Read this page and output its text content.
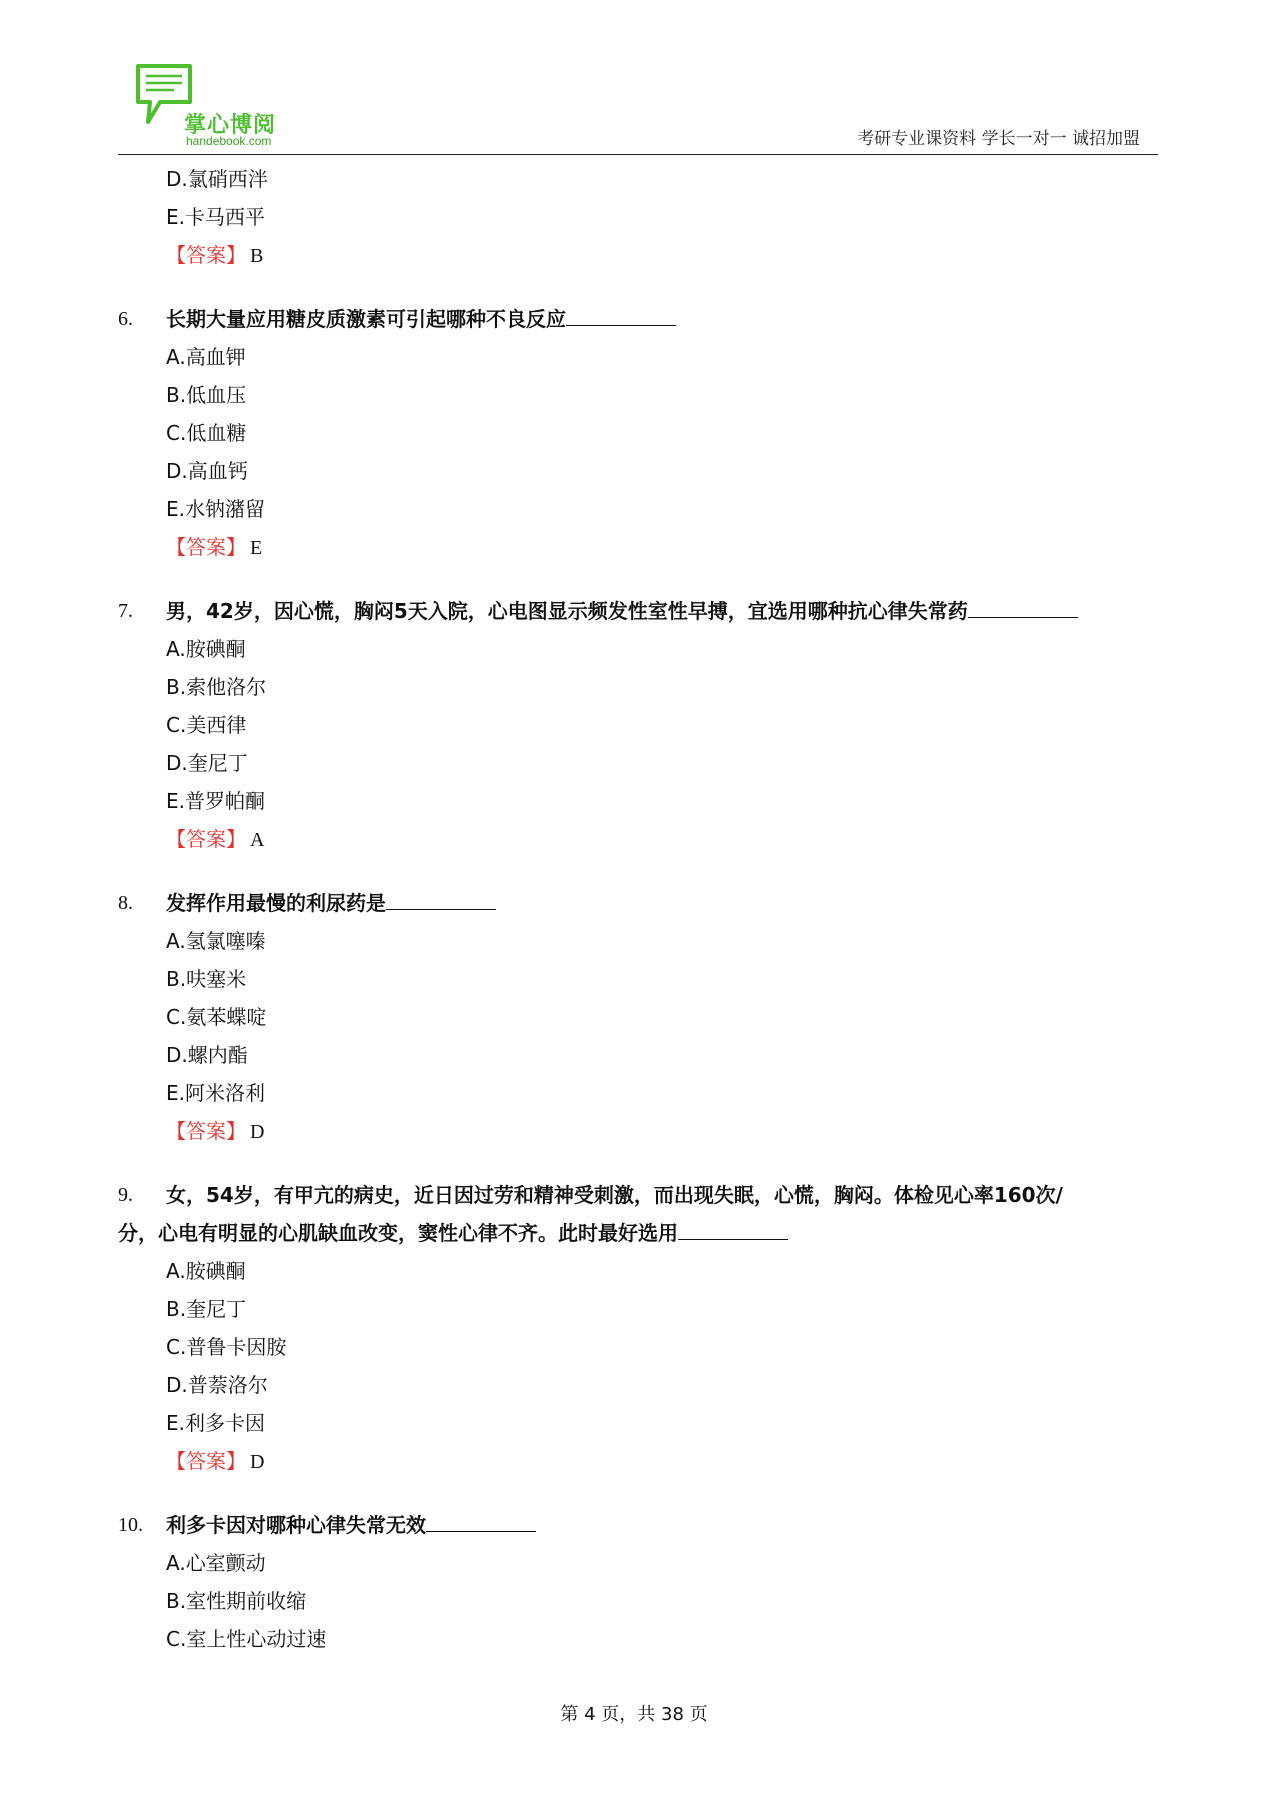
掌心博阅
handebook.com	考研专业课资料 学长一对一 诚招加盟
D.氯硝西泮
E.卡马西平
【答案】 B
6.	长期大量应用糖皮质激素可引起哪种不良反应
A.高血钾
B.低血压
C.低血糖
D.高血钙
E.水钠潴留
【答案】 E
7.	男，42岁，因心慌，胸闷5天入院，心电图显示频发性室性早搏，宜选用哪种抗心律失常药
A.胺碘酮
B.索他洛尔
C.美西律
D.奎尼丁
E.普罗帕酮
【答案】 A
8.	发挥作用最慢的利尿药是
A.氢氯噻嗪
B.呋塞米
C.氨苯蝶啶
D.螺内酯
E.阿米洛利
【答案】 D
9.	女，54岁，有甲亢的病史，近日因过劳和精神受刺激，而出现失眠，心慌，胸闷。体检见心率160次/
分，心电有明显的心肌缺血改变，窦性心律不齐。此时最好选用
A.胺碘酮
B.奎尼丁
C.普鲁卡因胺
D.普萘洛尔
E.利多卡因
【答案】 D
10.	利多卡因对哪种心律失常无效
A.心室颤动
B.室性期前收缩
C.室上性心动过速
第 4 页，共 38 页
